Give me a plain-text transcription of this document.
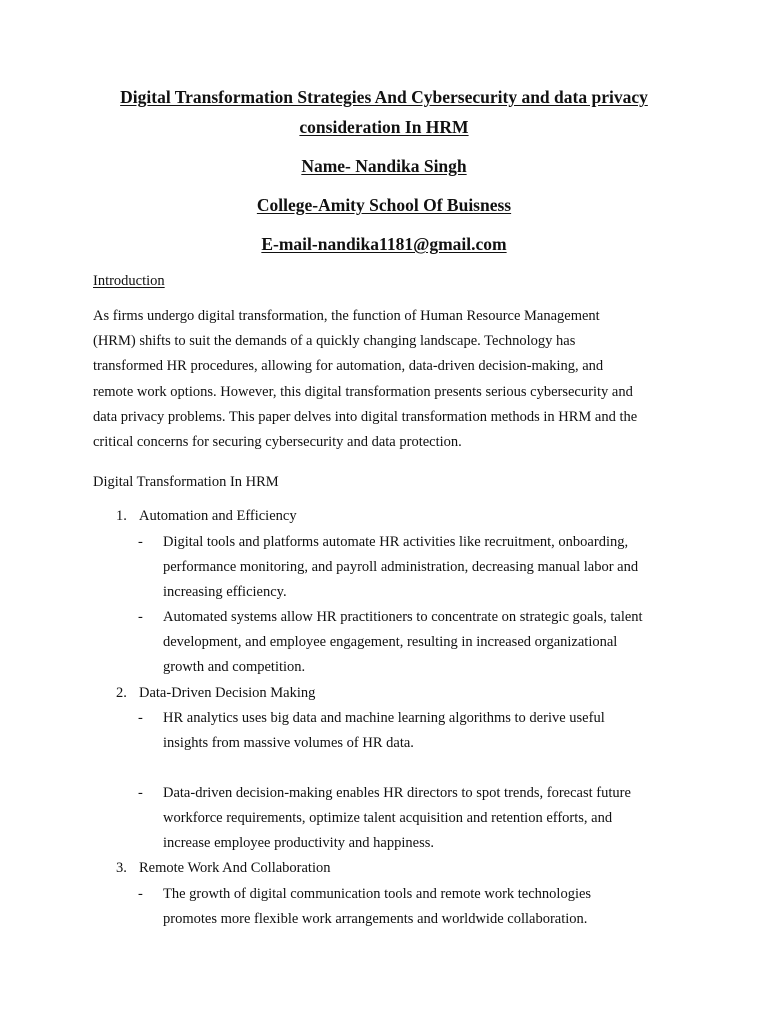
Digital Transformation Strategies And Cybersecurity and data privacy
consideration In HRM
Name- Nandika Singh
College-Amity School Of Buisness
E-mail-nandika1181@gmail.com
Introduction
As firms undergo digital transformation, the function of Human Resource Management
(HRM) shifts to suit the demands of a quickly changing landscape. Technology has
transformed HR procedures, allowing for automation, data-driven decision-making, and
remote work options. However, this digital transformation presents serious cybersecurity and
data privacy problems. This paper delves into digital transformation methods in HRM and the
critical concerns for securing cybersecurity and data protection.
Digital Transformation In HRM
1. Automation and Efficiency
- Digital tools and platforms automate HR activities like recruitment, onboarding,
performance monitoring, and payroll administration, decreasing manual labor and
increasing efficiency.
- Automated systems allow HR practitioners to concentrate on strategic goals, talent
development, and employee engagement, resulting in increased organizational
growth and competition.
2. Data-Driven Decision Making
- HR analytics uses big data and machine learning algorithms to derive useful
insights from massive volumes of HR data.
- Data-driven decision-making enables HR directors to spot trends, forecast future
workforce requirements, optimize talent acquisition and retention efforts, and
increase employee productivity and happiness.
3. Remote Work And Collaboration
- The growth of digital communication tools and remote work technologies
promotes more flexible work arrangements and worldwide collaboration.
